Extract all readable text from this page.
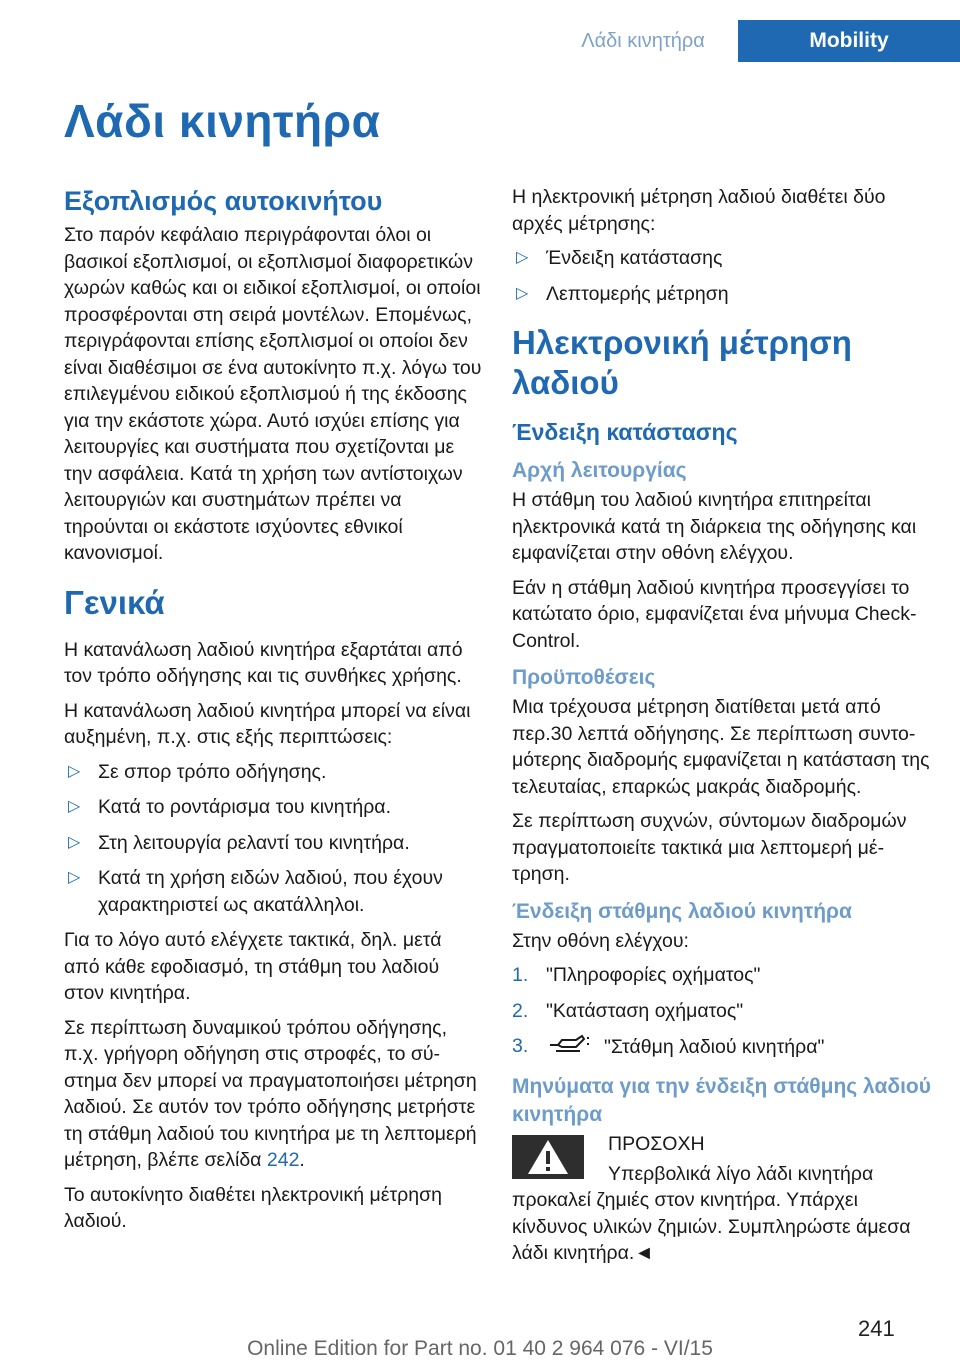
Λάδι κινητήρα	Mobility
Λάδι κινητήρα
Εξοπλισμός αυτοκινήτου

Στο παρόν κεφάλαιο περιγράφονται όλοι οι βασικοί εξοπλισμοί, οι εξοπλισμοί διαφορετικών χωρών καθώς και οι ειδικοί εξοπλισμοί, οι οποίοι προσφέρονται στη σειρά μοντέλων. Επομένως, περιγράφονται επίσης εξοπλισμοί οι οποίοι δεν είναι διαθέσιμοι σε ένα αυτοκίνητο π.χ. λόγω του επιλεγμένου ειδικού εξοπλισμού ή της έκδοσης για την εκάστοτε χώρα. Αυτό ισχύει επίσης για λειτουργίες και συστήματα που σχετίζονται με την ασφάλεια. Κατά τη χρήση των αντίστοιχων λειτουργιών και συστημάτων πρέπει να τηρούνται οι εκάστοτε ισχύοντες εθνικοί κανονισμοί.

Γενικά

Η κατανάλωση λαδιού κινητήρα εξαρτάται από τον τρόπο οδήγησης και τις συνθήκες χρήσης.

Η κατανάλωση λαδιού κινητήρα μπορεί να είναι αυξημένη, π.χ. στις εξής περιπτώσεις:

▷ Σε σπορ τρόπο οδήγησης.
▷ Κατά το ροντάρισμα του κινητήρα.
▷ Στη λειτουργία ρελαντί του κινητήρα.
▷ Κατά τη χρήση ειδών λαδιού, που έχουν χαρακτηριστεί ως ακατάλληλοι.

Για το λόγο αυτό ελέγχετε τακτικά, δηλ. μετά από κάθε εφοδιασμό, τη στάθμη του λαδιού στον κινητήρα.

Σε περίπτωση δυναμικού τρόπου οδήγησης, π.χ. γρήγορη οδήγηση στις στροφές, το σύστημα δεν μπορεί να πραγματοποιήσει μέτρηση λαδιού. Σε αυτόν τον τρόπο οδήγησης μετρήστε τη στάθμη λαδιού του κινητήρα με τη λεπτομερή μέτρηση, βλέπε σελίδα 242.

Το αυτοκίνητο διαθέτει ηλεκτρονική μέτρηση λαδιού.

Η ηλεκτρονική μέτρηση λαδιού διαθέτει δύο αρχές μέτρησης:

▷ Ένδειξη κατάστασης
▷ Λεπτομερής μέτρηση
Ηλεκτρονική μέτρηση λαδιού
Ένδειξη κατάστασης
Αρχή λειτουργίας

Η στάθμη του λαδιού κινητήρα επιτηρείται ηλεκτρονικά κατά τη διάρκεια της οδήγησης και εμφανίζεται στην οθόνη ελέγχου.

Εάν η στάθμη λαδιού κινητήρα προσεγγίσει το κατώτατο όριο, εμφανίζεται ένα μήνυμα Check-Control.

Προϋποθέσεις

Μια τρέχουσα μέτρηση διατίθεται μετά από περ.30 λεπτά οδήγησης. Σε περίπτωση συντομότερης διαδρομής εμφανίζεται η κατάσταση της τελευταίας, επαρκώς μακράς διαδρομής.

Σε περίπτωση συχνών, σύντομων διαδρομών πραγματοποιείτε τακτικά μια λεπτομερή μέτρηση.

Ένδειξη στάθμης λαδιού κινητήρα

Στην οθόνη ελέγχου:

1. "Πληροφορίες οχήματος"
2. "Κατάσταση οχήματος"
3.	"Στάθμη λαδιού κινητήρα"
Μηνύματα για την ένδειξη στάθμης λαδιού κινητήρα

ΠΡΟΣΟΧΗ

Υπερβολικά λίγο λάδι κινητήρα προκαλεί ζημιές στον κινητήρα. Υπάρχει κίνδυνος υλικών ζημιών. Συμπληρώστε άμεσα λάδι κινητήρα.◄

241
Online Edition for Part no. 01 40 2 964 076 - VI/15
